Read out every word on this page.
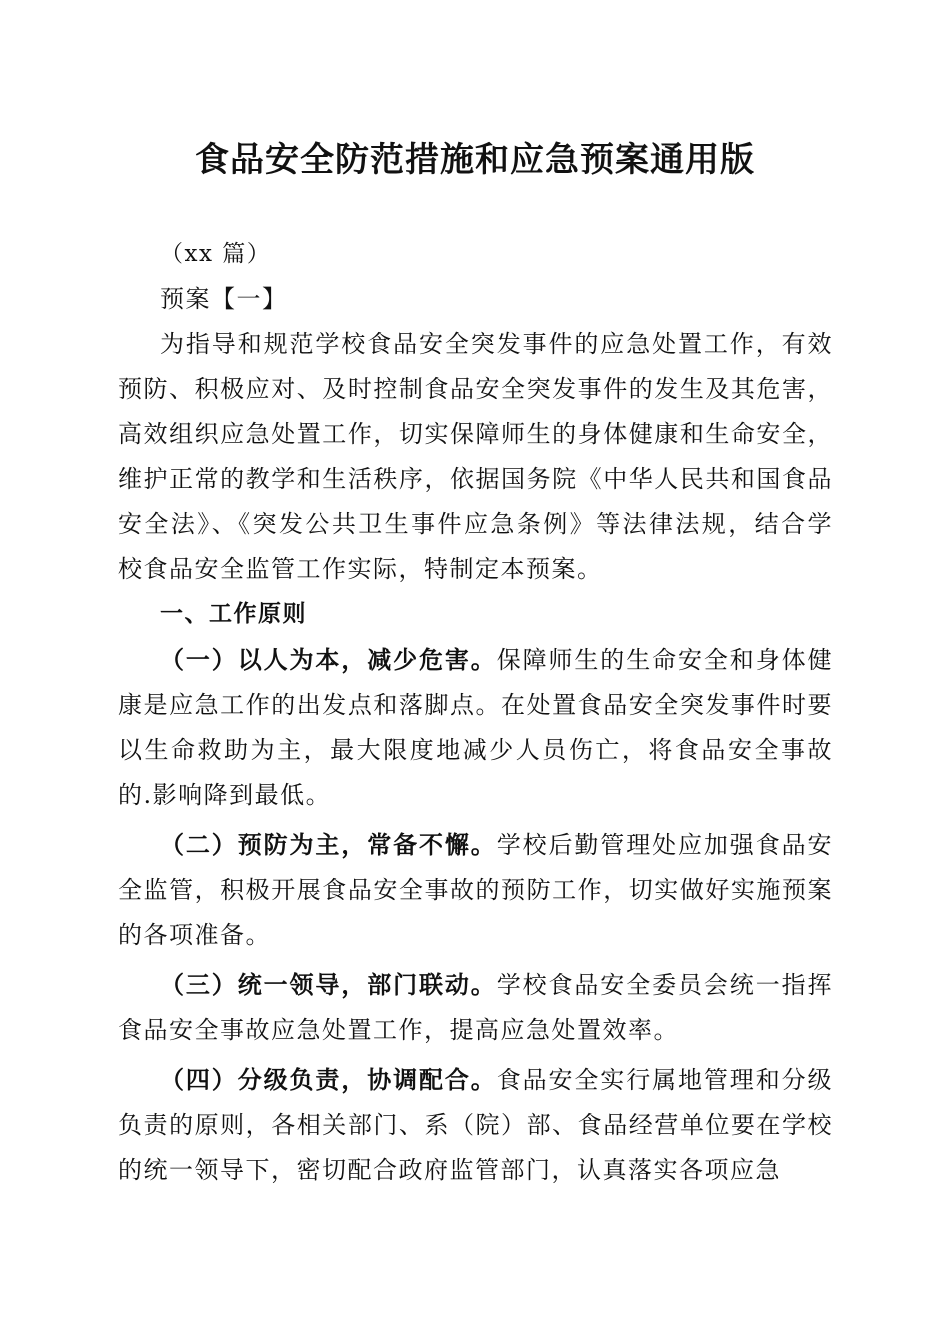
食品安全防范措施和应急预案通用版

（xx 篇）

预案【一】

为指导和规范学校食品安全突发事件的应急处置工作，有效预防、积极应对、及时控制食品安全突发事件的发生及其危害，高效组织应急处置工作，切实保障师生的身体健康和生命安全，维护正常的教学和生活秩序，依据国务院《中华人民共和国食品安全法》、《突发公共卫生事件应急条例》等法律法规，结合学校食品安全监管工作实际，特制定本预案。

一、工作原则

（一）以人为本，减少危害。保障师生的生命安全和身体健康是应急工作的出发点和落脚点。在处置食品安全突发事件时要以生命救助为主，最大限度地减少人员伤亡，将食品安全事故的.影响降到最低。

（二）预防为主，常备不懈。学校后勤管理处应加强食品安全监管，积极开展食品安全事故的预防工作，切实做好实施预案的各项准备。

（三）统一领导，部门联动。学校食品安全委员会统一指挥食品安全事故应急处置工作，提高应急处置效率。

（四）分级负责，协调配合。食品安全实行属地管理和分级负责的原则，各相关部门、系（院）部、食品经营单位要在学校的统一领导下，密切配合政府监管部门，认真落实各项应急
